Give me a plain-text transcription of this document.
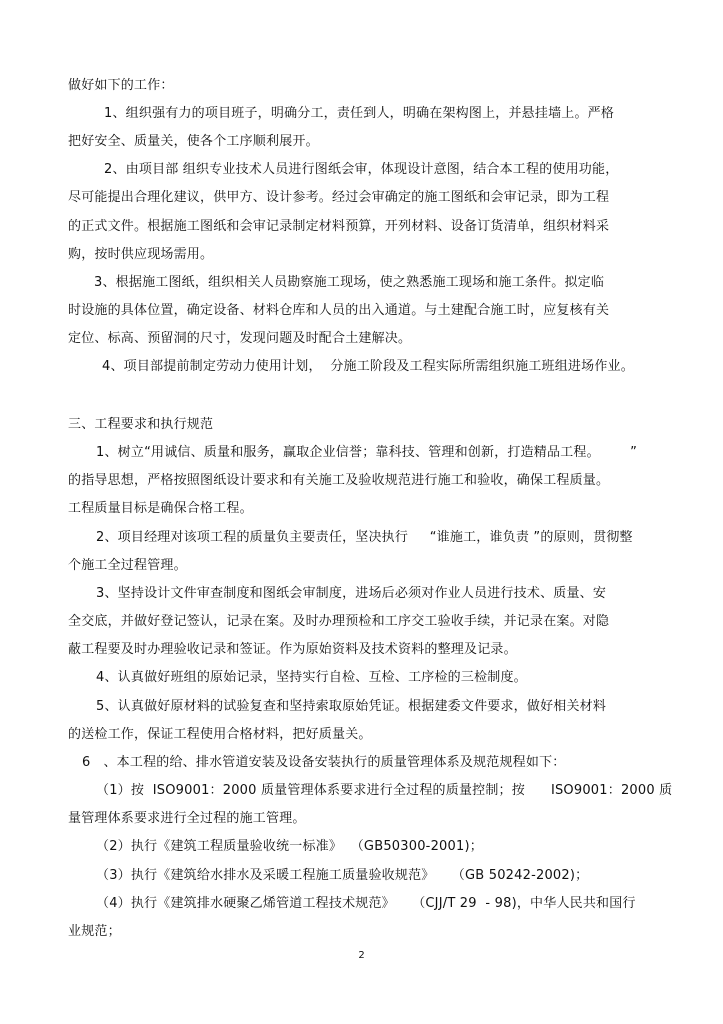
做好如下的工作：

1、组织强有力的项目班子，明确分工，责任到人，明确在架构图上，并悬挂墙上。严格

把好安全、质量关，使各个工序顺利展开。

2、由项目部 组织专业技术人员进行图纸会审，体现设计意图，结合本工程的使用功能，

尽可能提出合理化建议，供甲方、设计参考。经过会审确定的施工图纸和会审记录，即为工程

的正式文件。根据施工图纸和会审记录制定材料预算，开列材料、设备订货清单，组织材料采

购，按时供应现场需用。

3、根据施工图纸，组织相关人员勘察施工现场，使之熟悉施工现场和施工条件。拟定临

时设施的具体位置，确定设备、材料仓库和人员的出入通道。与土建配合施工时，应复核有关

定位、标高、预留洞的尺寸，发现问题及时配合土建解决。

4、项目部提前制定劳动力使用计划，  分施工阶段及工程实际所需组织施工班组进场作业。

三、工程要求和执行规范

1、树立“用诚信、质量和服务，赢取企业信誉；靠科技、管理和创新，打造精品工程。       ”

的指导思想，严格按照图纸设计要求和有关施工及验收规范进行施工和验收，确保工程质量。

工程质量目标是确保合格工程。

2、项目经理对该项工程的质量负主要责任，坚决执行     “谁施工，谁负责 ”的原则，贯彻整

个施工全过程管理。

3、坚持设计文件审查制度和图纸会审制度，进场后必须对作业人员进行技术、质量、安

全交底，并做好登记签认，记录在案。及时办理预检和工序交工验收手续，并记录在案。对隐

蔽工程要及时办理验收记录和签证。作为原始资料及技术资料的整理及记录。

4、认真做好班组的原始记录，坚持实行自检、互检、工序检的三检制度。

5、认真做好原材料的试验复查和坚持索取原始凭证。根据建委文件要求，做好相关材料

的送检工作，保证工程使用合格材料，把好质量关。

6   、本工程的给、排水管道安装及设备安装执行的质量管理体系及规范规程如下：

（1）按  ISO9001：2000 质量管理体系要求进行全过程的质量控制；按      ISO9001：2000 质

量管理体系要求进行全过程的施工管理。

（2）执行《建筑工程质量验收统一标准》  （GB50300-2001)；

（3）执行《建筑给水排水及采暖工程施工质量验收规范》    （GB 50242-2002)；

（4）执行《建筑排水硬聚乙烯管道工程技术规范》    （CJJ/T 29  - 98)，中华人民共和国行

业规范；

2
